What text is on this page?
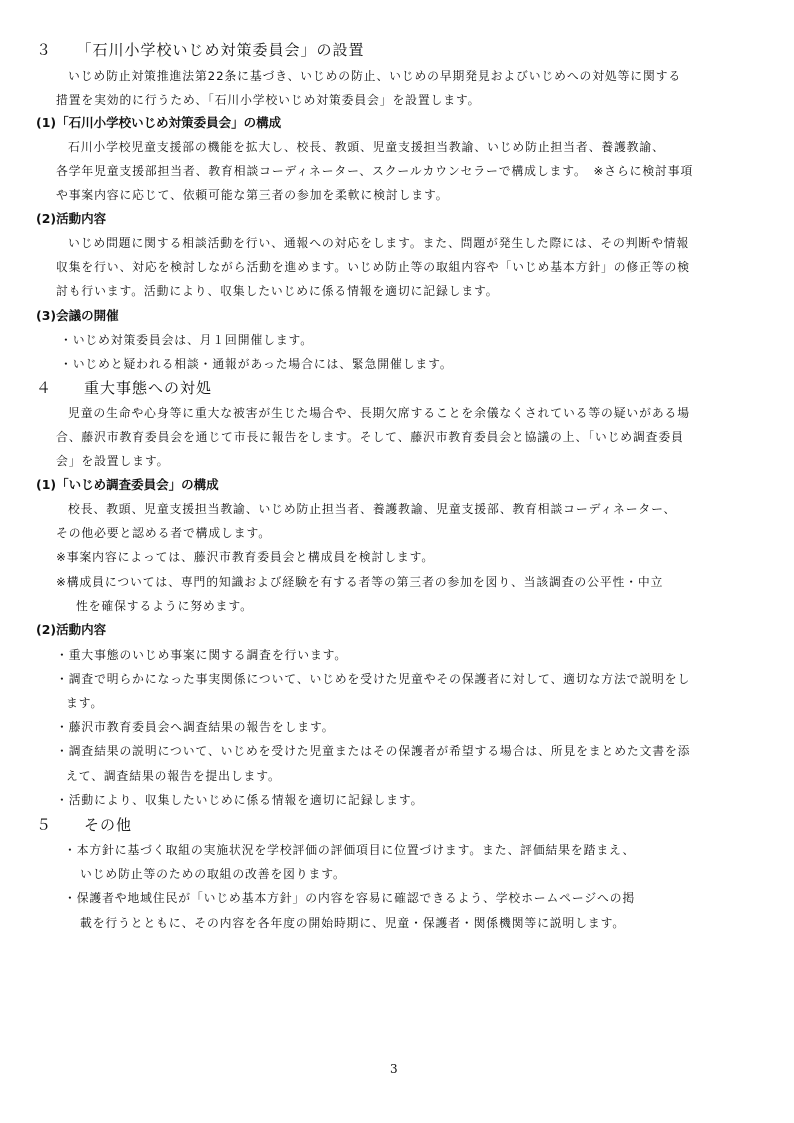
３　　「石川小学校いじめ対策委員会」の設置
いじめ防止対策推進法第22条に基づき、いじめの防止、いじめの早期発見およびいじめへの対処等に関する
措置を実効的に行うため、「石川小学校いじめ対策委員会」を設置します。
(1)「石川小学校いじめ対策委員会」の構成
石川小学校児童支援部の機能を拡大し、校長、教頭、児童支援担当教諭、いじめ防止担当者、養護教諭、
各学年児童支援部担当者、教育相談コーディネーター、スクールカウンセラーで構成します。　※さらに検討事項
や事案内容に応じて、依頼可能な第三者の参加を柔軟に検討します。
(2)活動内容
いじめ問題に関する相談活動を行い、通報への対応をします。また、問題が発生した際には、その判断や情報
収集を行い、対応を検討しながら活動を進めます。いじめ防止等の取組内容や「いじめ基本方針」の修正等の検
討も行います。活動により、収集したいじめに係る情報を適切に記録します。
(3)会議の開催
・いじめ対策委員会は、月１回開催します。
・いじめと疑われる相談・通報があった場合には、緊急開催します。
４　　重大事態への対処
児童の生命や心身等に重大な被害が生じた場合や、長期欠席することを余儀なくされている等の疑いがある場
合、藤沢市教育委員会を通じて市長に報告をします。そして、藤沢市教育委員会と協議の上、「いじめ調査委員
会」を設置します。
(1)「いじめ調査委員会」の構成
校長、教頭、児童支援担当教諭、いじめ防止担当者、養護教諭、児童支援部、教育相談コーディネーター、
その他必要と認める者で構成します。
※事案内容によっては、藤沢市教育委員会と構成員を検討します。
※構成員については、専門的知識および経験を有する者等の第三者の参加を図り、当該調査の公平性・中立
性を確保するように努めます。
(2)活動内容
・重大事態のいじめ事案に関する調査を行います。
・調査で明らかになった事実関係について、いじめを受けた児童やその保護者に対して、適切な方法で説明をし
ます。
・藤沢市教育委員会へ調査結果の報告をします。
・調査結果の説明について、いじめを受けた児童またはその保護者が希望する場合は、所見をまとめた文書を添
えて、調査結果の報告を提出します。
・活動により、収集したいじめに係る情報を適切に記録します。
５　　その他
・本方針に基づく取組の実施状況を学校評価の評価項目に位置づけます。また、評価結果を踏まえ、
いじめ防止等のための取組の改善を図ります。
・保護者や地域住民が「いじめ基本方針」の内容を容易に確認できるよう、学校ホームページへの掲
載を行うとともに、その内容を各年度の開始時期に、児童・保護者・関係機関等に説明します。
3
